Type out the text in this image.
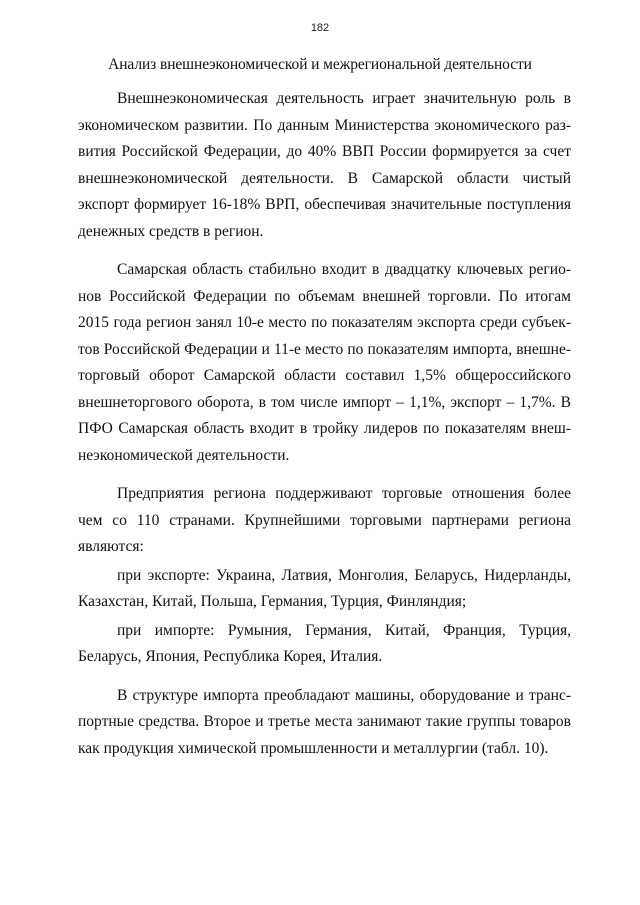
182
Анализ внешнеэкономической и межрегиональной деятельности

Внешнеэкономическая деятельность играет значительную роль в экономическом развитии. По данным Министерства экономического развития Российской Федерации, до 40% ВВП России формируется за счет внешнеэкономической деятельности. В Самарской области чистый экспорт формирует 16-18% ВРП, обеспечивая значительные поступления денежных средств в регион.

Самарская область стабильно входит в двадцатку ключевых регионов Российской Федерации по объемам внешней торговли. По итогам 2015 года регион занял 10-е место по показателям экспорта среди субъектов Российской Федерации и 11-е место по показателям импорта, внешнеторговый оборот Самарской области составил 1,5% общероссийского внешнеторгового оборота, в том числе импорт – 1,1%, экспорт – 1,7%. В ПФО Самарская область входит в тройку лидеров по показателям внешнеэкономической деятельности.

Предприятия региона поддерживают торговые отношения более чем со 110 странами. Крупнейшими торговыми партнерами региона являются:

при экспорте: Украина, Латвия, Монголия, Беларусь, Нидерланды, Казахстан, Китай, Польша, Германия, Турция, Финляндия;

при импорте: Румыния, Германия, Китай, Франция, Турция, Беларусь, Япония, Республика Корея, Италия.

В структуре импорта преобладают машины, оборудование и транспортные средства. Второе и третье места занимают такие группы товаров как продукция химической промышленности и металлургии (табл. 10).
